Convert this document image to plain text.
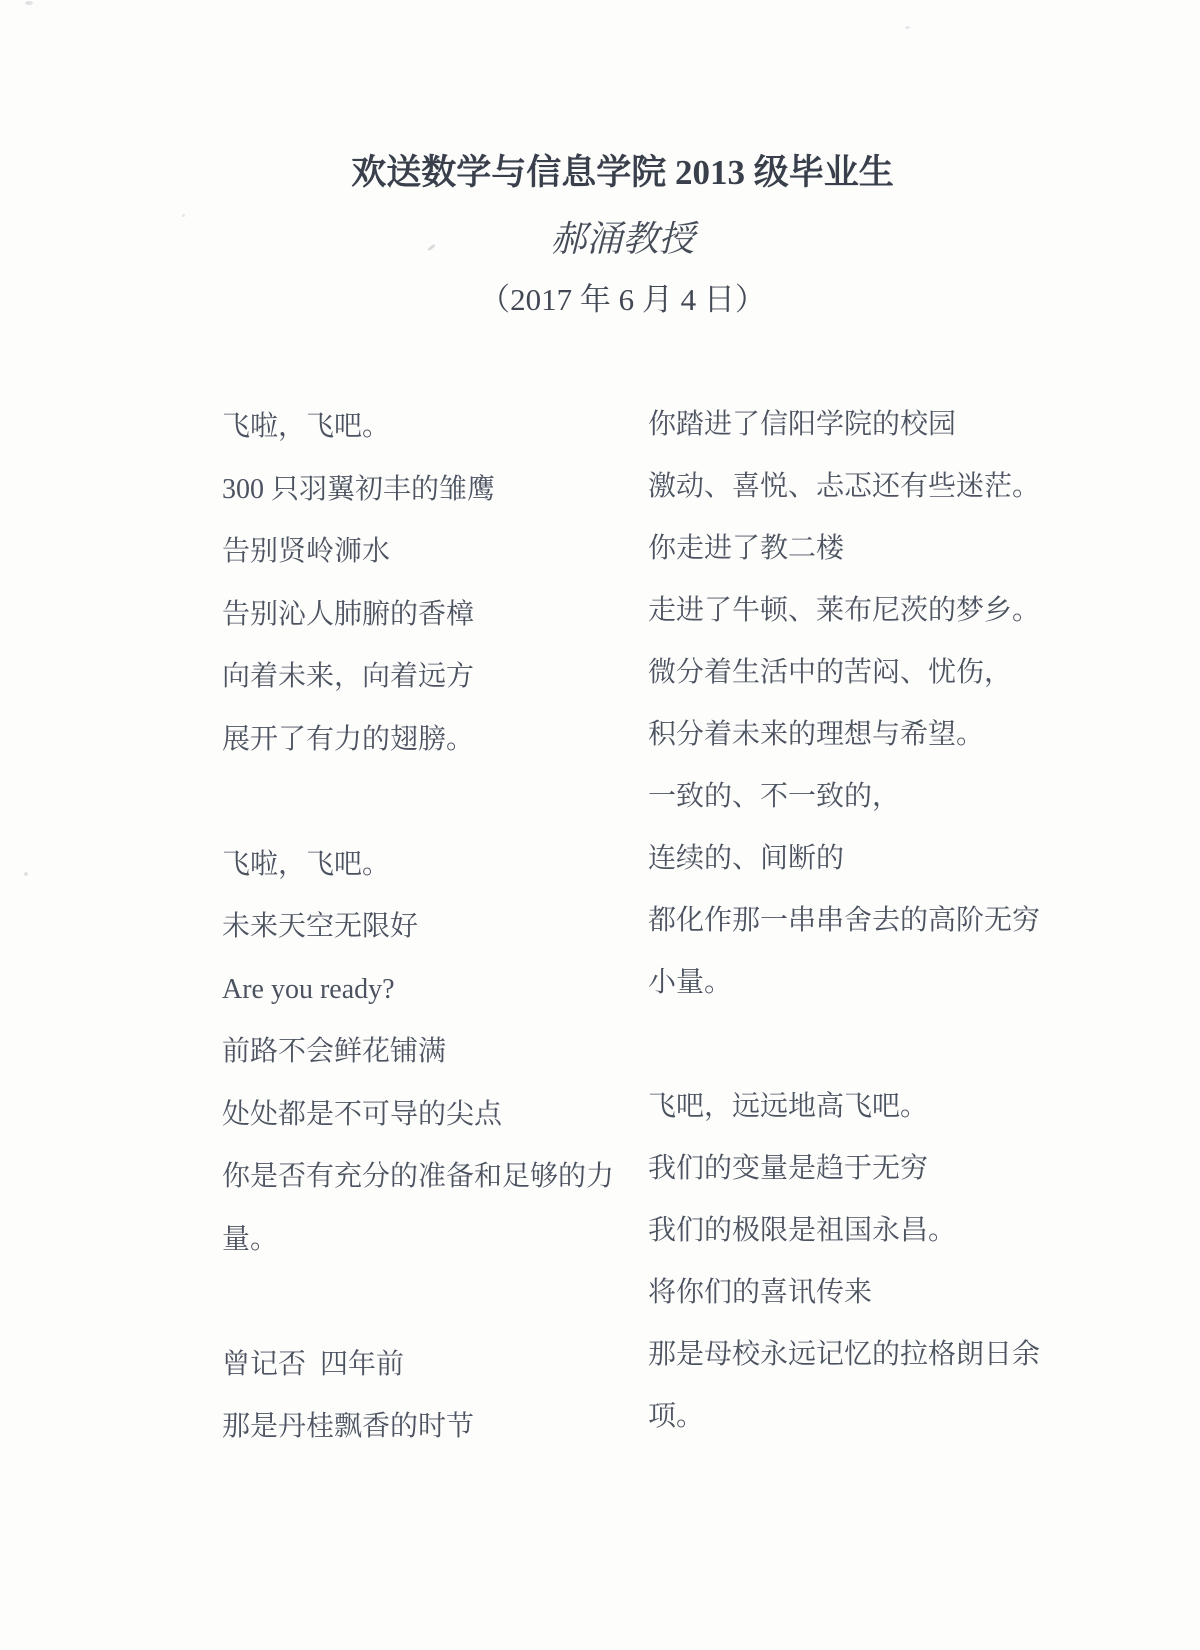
欢送数学与信息学院 2013 级毕业生
郝涌教授
（2017 年 6 月 4 日）
飞啦，飞吧。
300 只羽翼初丰的雏鹰
告别贤岭浉水
告别沁人肺腑的香樟
向着未来，向着远方
展开了有力的翅膀。
飞啦，飞吧。
未来天空无限好
Are you ready?
前路不会鲜花铺满
处处都是不可导的尖点
你是否有充分的准备和足够的力
量。
曾记否  四年前
那是丹桂飘香的时节
你踏进了信阳学院的校园
激动、喜悦、忐忑还有些迷茫。
你走进了教二楼
走进了牛顿、莱布尼茨的梦乡。
微分着生活中的苦闷、忧伤，
积分着未来的理想与希望。
一致的、不一致的，
连续的、间断的
都化作那一串串舍去的高阶无穷
小量。
飞吧，远远地高飞吧。
我们的变量是趋于无穷
我们的极限是祖国永昌。
将你们的喜讯传来
那是母校永远记忆的拉格朗日余
项。
